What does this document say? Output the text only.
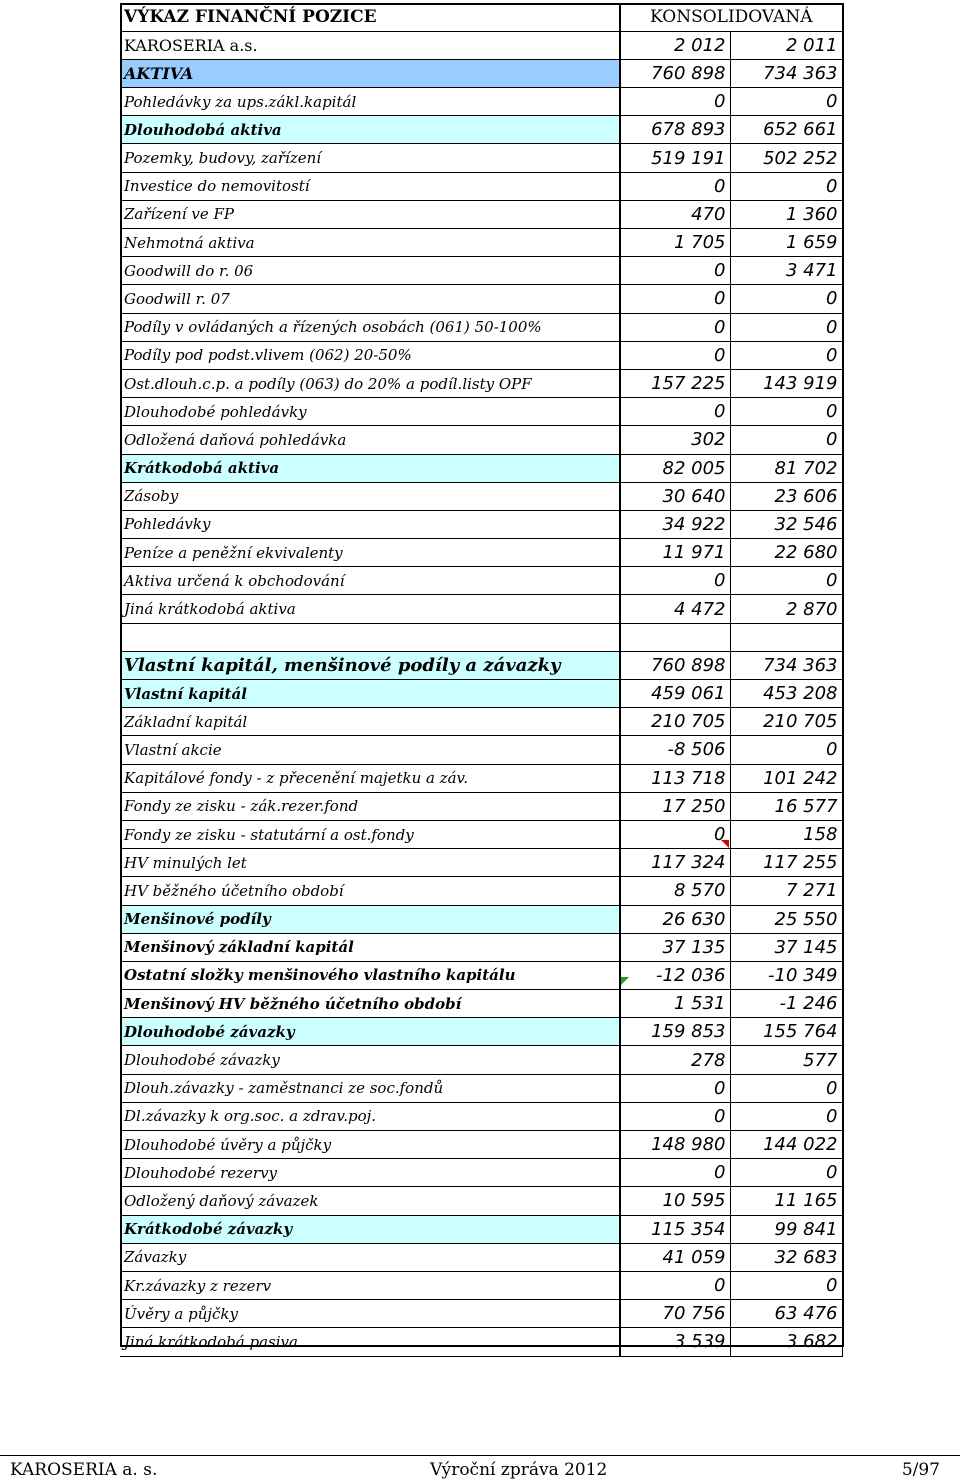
VÝKAZ FINANČNÍ POZICE	KONSOLIDOVANÁ	
KAROSERIA a.s.	2 012	2 011
AKTIVA	760 898	734 363
Pohledávky za ups.zákl.kapitál	0	0
Dlouhodobá aktiva	678 893	652 661
Pozemky, budovy, zařízení	519 191	502 252
Investice do nemovitostí	0	0
Zařízení ve FP	470	1 360
Nehmotná aktiva	1 705	1 659
Goodwill do r. 06	0	3 471
Goodwill r. 07	0	0
Podíly v ovládaných a řízených osobách (061) 50-100%	0	0
Podíly pod podst.vlivem (062) 20-50%	0	0
Ost.dlouh.c.p. a podíly (063) do 20% a podíl.listy OPF	157 225	143 919
Dlouhodobé pohledávky	0	0
Odložená daňová pohledávka	302	0
Krátkodobá aktiva	82 005	81 702
Zásoby	30 640	23 606
Pohledávky	34 922	32 546
Peníze a peněžní ekvivalenty	11 971	22 680
Aktiva určená k obchodování	0	0
Jiná krátkodobá aktiva	4 472	2 870

Vlastní kapitál, menšinové podíly a závazky	760 898	734 363
Vlastní kapitál	459 061	453 208
Základní kapitál	210 705	210 705
Vlastní akcie	-8 506	0
Kapitálové fondy - z přecenění majetku a záv.	113 718	101 242
Fondy ze zisku - zák.rezer.fond	17 250	16 577
Fondy ze zisku - statutární a ost.fondy	0	158
HV minulých let	117 324	117 255
HV běžného účetního období	8 570	7 271
Menšinové podíly	26 630	25 550
Menšinový základní kapitál	37 135	37 145
Ostatní složky menšinového vlastního kapitálu	-12 036	-10 349
Menšinový HV běžného účetního období	1 531	-1 246
Dlouhodobé závazky	159 853	155 764
Dlouhodobé závazky	278	577
Dlouh.závazky - zaměstnanci ze soc.fondů	0	0
Dl.závazky k org.soc. a zdrav.poj.	0	0
Dlouhodobé úvěry a půjčky	148 980	144 022
Dlouhodobé rezervy	0	0
Odložený daňový závazek	10 595	11 165
Krátkodobé závazky	115 354	99 841
Závazky	41 059	32 683
Kr.závazky z rezerv	0	0
Úvěry a půjčky	70 756	63 476
Jiná krátkodobá pasiva	3 539	3 682
KAROSERIA a. s.	Výroční zpráva 2012	5/97
